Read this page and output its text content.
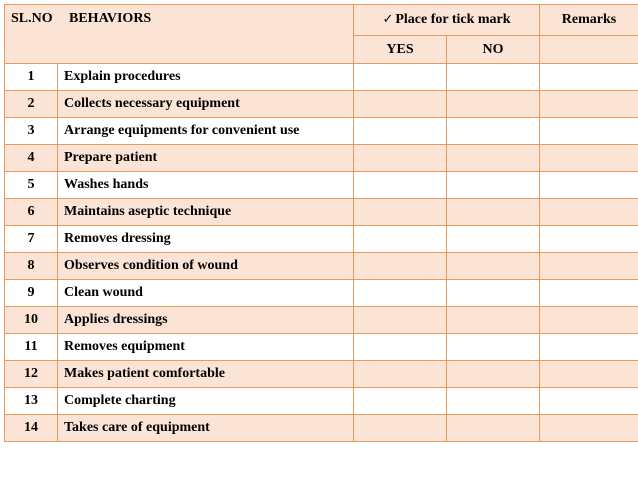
SL.NO BEHAVIORS		✓ Place for tick mark		Remarks
		YES	NO	
1	Explain procedures			
2	Collects necessary equipment			
3	Arrange equipments for convenient use			
4	Prepare patient			
5	Washes hands			
6	Maintains aseptic technique			
7	Removes dressing			
8	Observes condition of wound			
9	Clean wound			
10	Applies dressings			
11	Removes equipment			
12	Makes patient comfortable			
13	Complete charting			
14	Takes care of equipment			
